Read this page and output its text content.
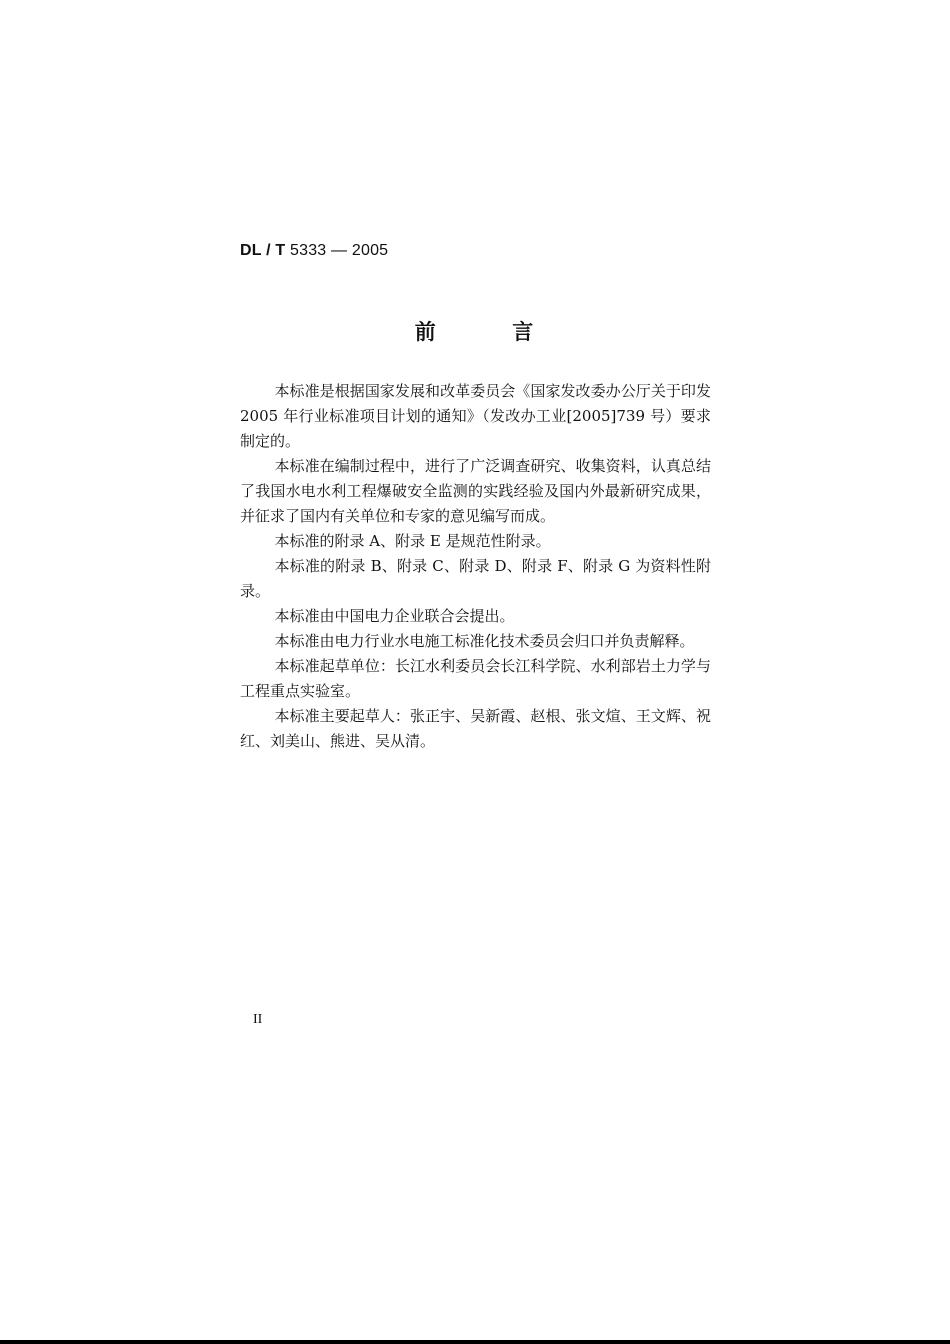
DL / T 5333 — 2005
前        言

本标准是根据国家发展和改革委员会《国家发改委办公厅关于印发 2005 年行业标准项目计划的通知》（发改办工业[2005]739 号）要求制定的。

本标准在编制过程中，进行了广泛调查研究、收集资料，认真总结了我国水电水利工程爆破安全监测的实践经验及国内外最新研究成果，并征求了国内有关单位和专家的意见编写而成。

本标准的附录 A、附录 E 是规范性附录。

本标准的附录 B、附录 C、附录 D、附录 F、附录 G 为资料性附录。

本标准由中国电力企业联合会提出。

本标准由电力行业水电施工标准化技术委员会归口并负责解释。

本标准起草单位：长江水利委员会长江科学院、水利部岩土力学与工程重点实验室。

本标准主要起草人：张正宇、吴新霞、赵根、张文煊、王文辉、祝红、刘美山、熊进、吴从清。

II
